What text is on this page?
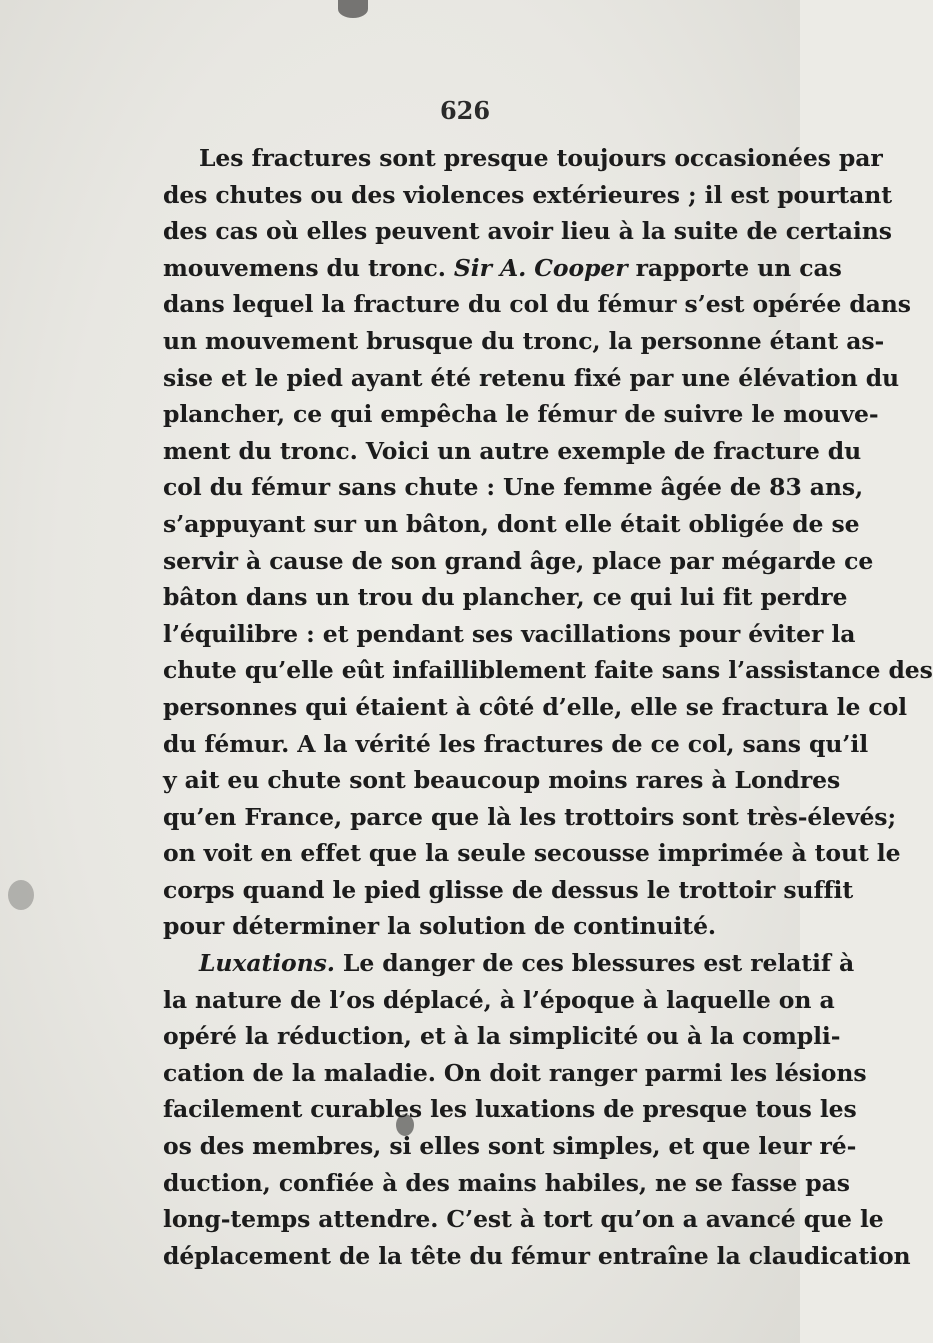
626
Les fractures sont presque toujours occasionées par
des chutes ou des violences extérieures ; il est pourtant
des cas où elles peuvent avoir lieu à la suite de certains
mouvemens du tronc. Sir A. Cooper rapporte un cas
dans lequel la fracture du col du fémur s’est opérée dans
un mouvement brusque du tronc, la personne étant as-
sise et le pied ayant été retenu fixé par une élévation du
plancher, ce qui empêcha le fémur de suivre le mouve-
ment du tronc. Voici un autre exemple de fracture du
col du fémur sans chute : Une femme âgée de 83 ans,
s’appuyant sur un bâton, dont elle était obligée de se
servir à cause de son grand âge, place par mégarde ce
bâton dans un trou du plancher, ce qui lui fit perdre
l’équilibre : et pendant ses vacillations pour éviter la
chute qu’elle eût infailliblement faite sans l’assistance des
personnes qui étaient à côté d’elle, elle se fractura le col
du fémur. A la vérité les fractures de ce col, sans qu’il
y ait eu chute sont beaucoup moins rares à Londres
qu’en France, parce que là les trottoirs sont très-élevés;
on voit en effet que la seule secousse imprimée à tout le
corps quand le pied glisse de dessus le trottoir suffit
pour déterminer la solution de continuité.
Luxations. Le danger de ces blessures est relatif à
la nature de l’os déplacé, à l’époque à laquelle on a
opéré la réduction, et à la simplicité ou à la compli-
cation de la maladie. On doit ranger parmi les lésions
facilement curables les luxations de presque tous les
os des membres, si elles sont simples, et que leur ré-
duction, confiée à des mains habiles, ne se fasse pas
long-temps attendre. C’est à tort qu’on a avancé que le
déplacement de la tête du fémur entraîne la claudication
